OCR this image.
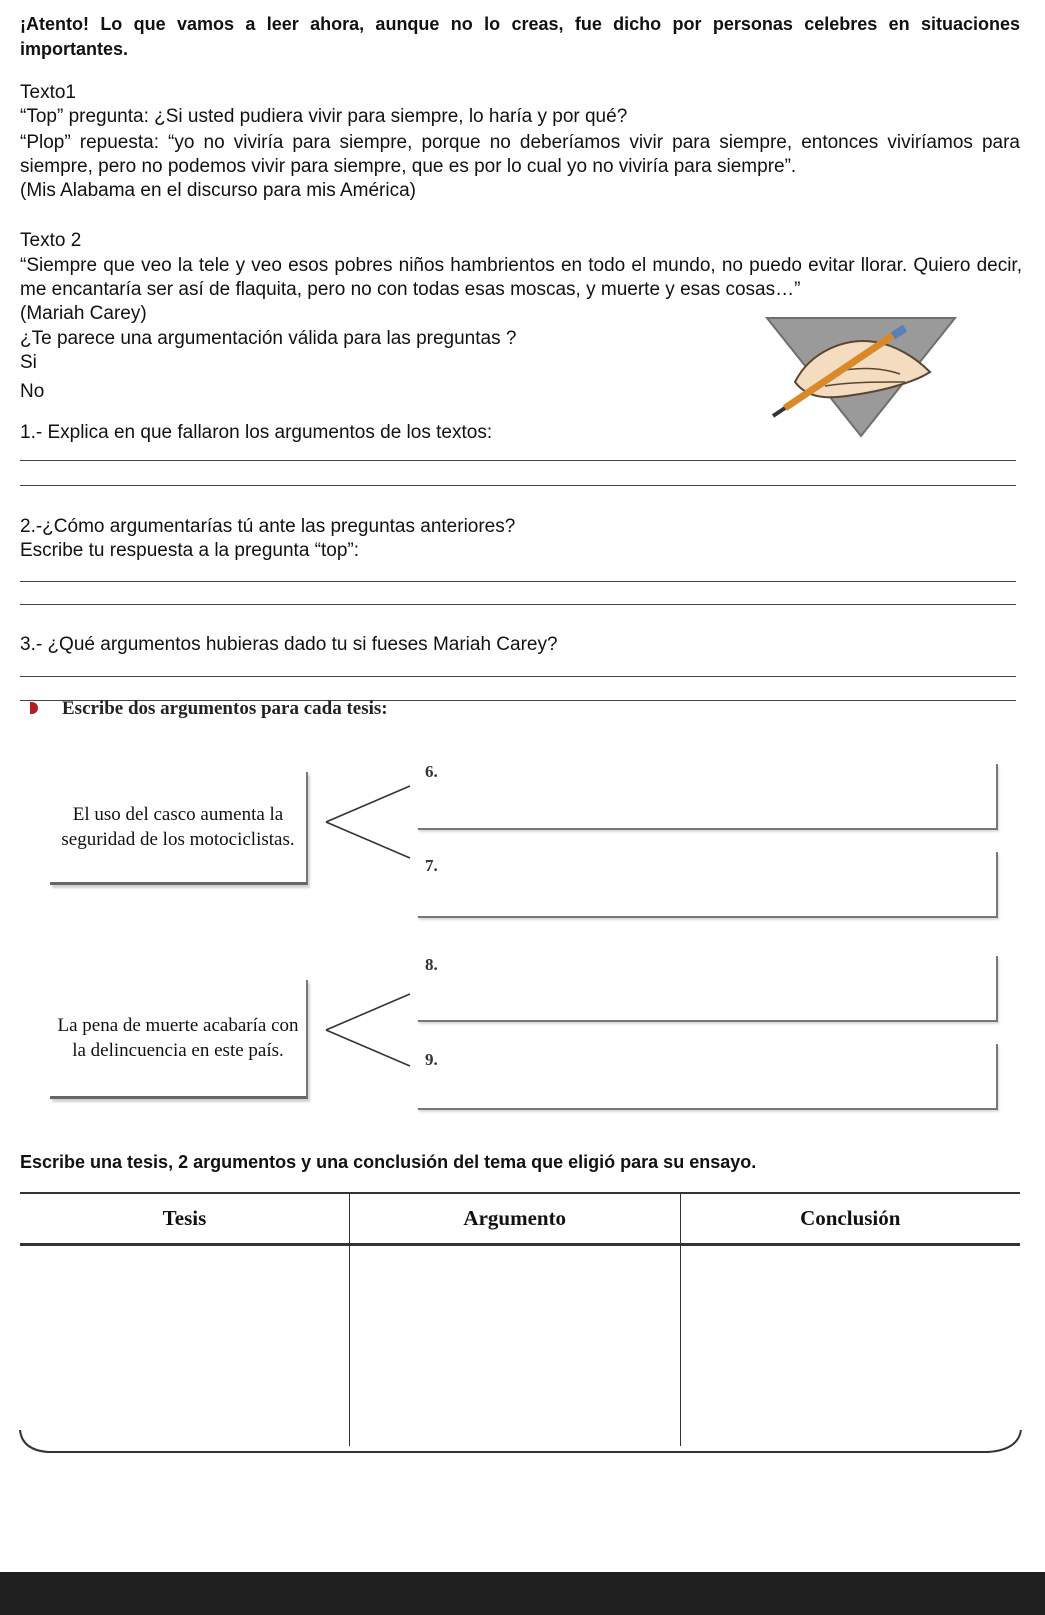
¡Atento! Lo que vamos a leer ahora, aunque no lo creas, fue dicho por personas celebres en situaciones importantes.
Texto1
“Top” pregunta: ¿Si usted pudiera vivir para siempre, lo haría y por qué?
“Plop” repuesta: “yo no viviría para siempre, porque no deberíamos vivir para siempre, entonces viviríamos para siempre, pero no podemos vivir para siempre, que es por lo cual yo no viviría para siempre”.
(Mis Alabama en el discurso para mis América)
Texto 2
“Siempre que veo la tele y veo esos pobres niños hambrientos en todo el mundo, no puedo evitar llorar. Quiero decir, me encantaría ser así de flaquita, pero no con todas esas moscas, y muerte y esas cosas…”
(Mariah Carey)
¿Te parece una argumentación válida para las preguntas ?
Si
No
1.- Explica en que fallaron los argumentos de los textos:
2.-¿Cómo argumentarías tú ante las preguntas anteriores?
Escribe tu respuesta a la pregunta “top”:
3.- ¿Qué argumentos hubieras dado tu si fueses Mariah Carey?
Escribe dos argumentos para cada tesis:
El uso del casco aumenta la seguridad de los motociclistas.
6.
7.
La pena de muerte acabaría con la delincuencia en este país.
8.
9.
Escribe una tesis, 2 argumentos y una conclusión del tema que eligió para su ensayo.
Tesis	Argumento	Conclusión
